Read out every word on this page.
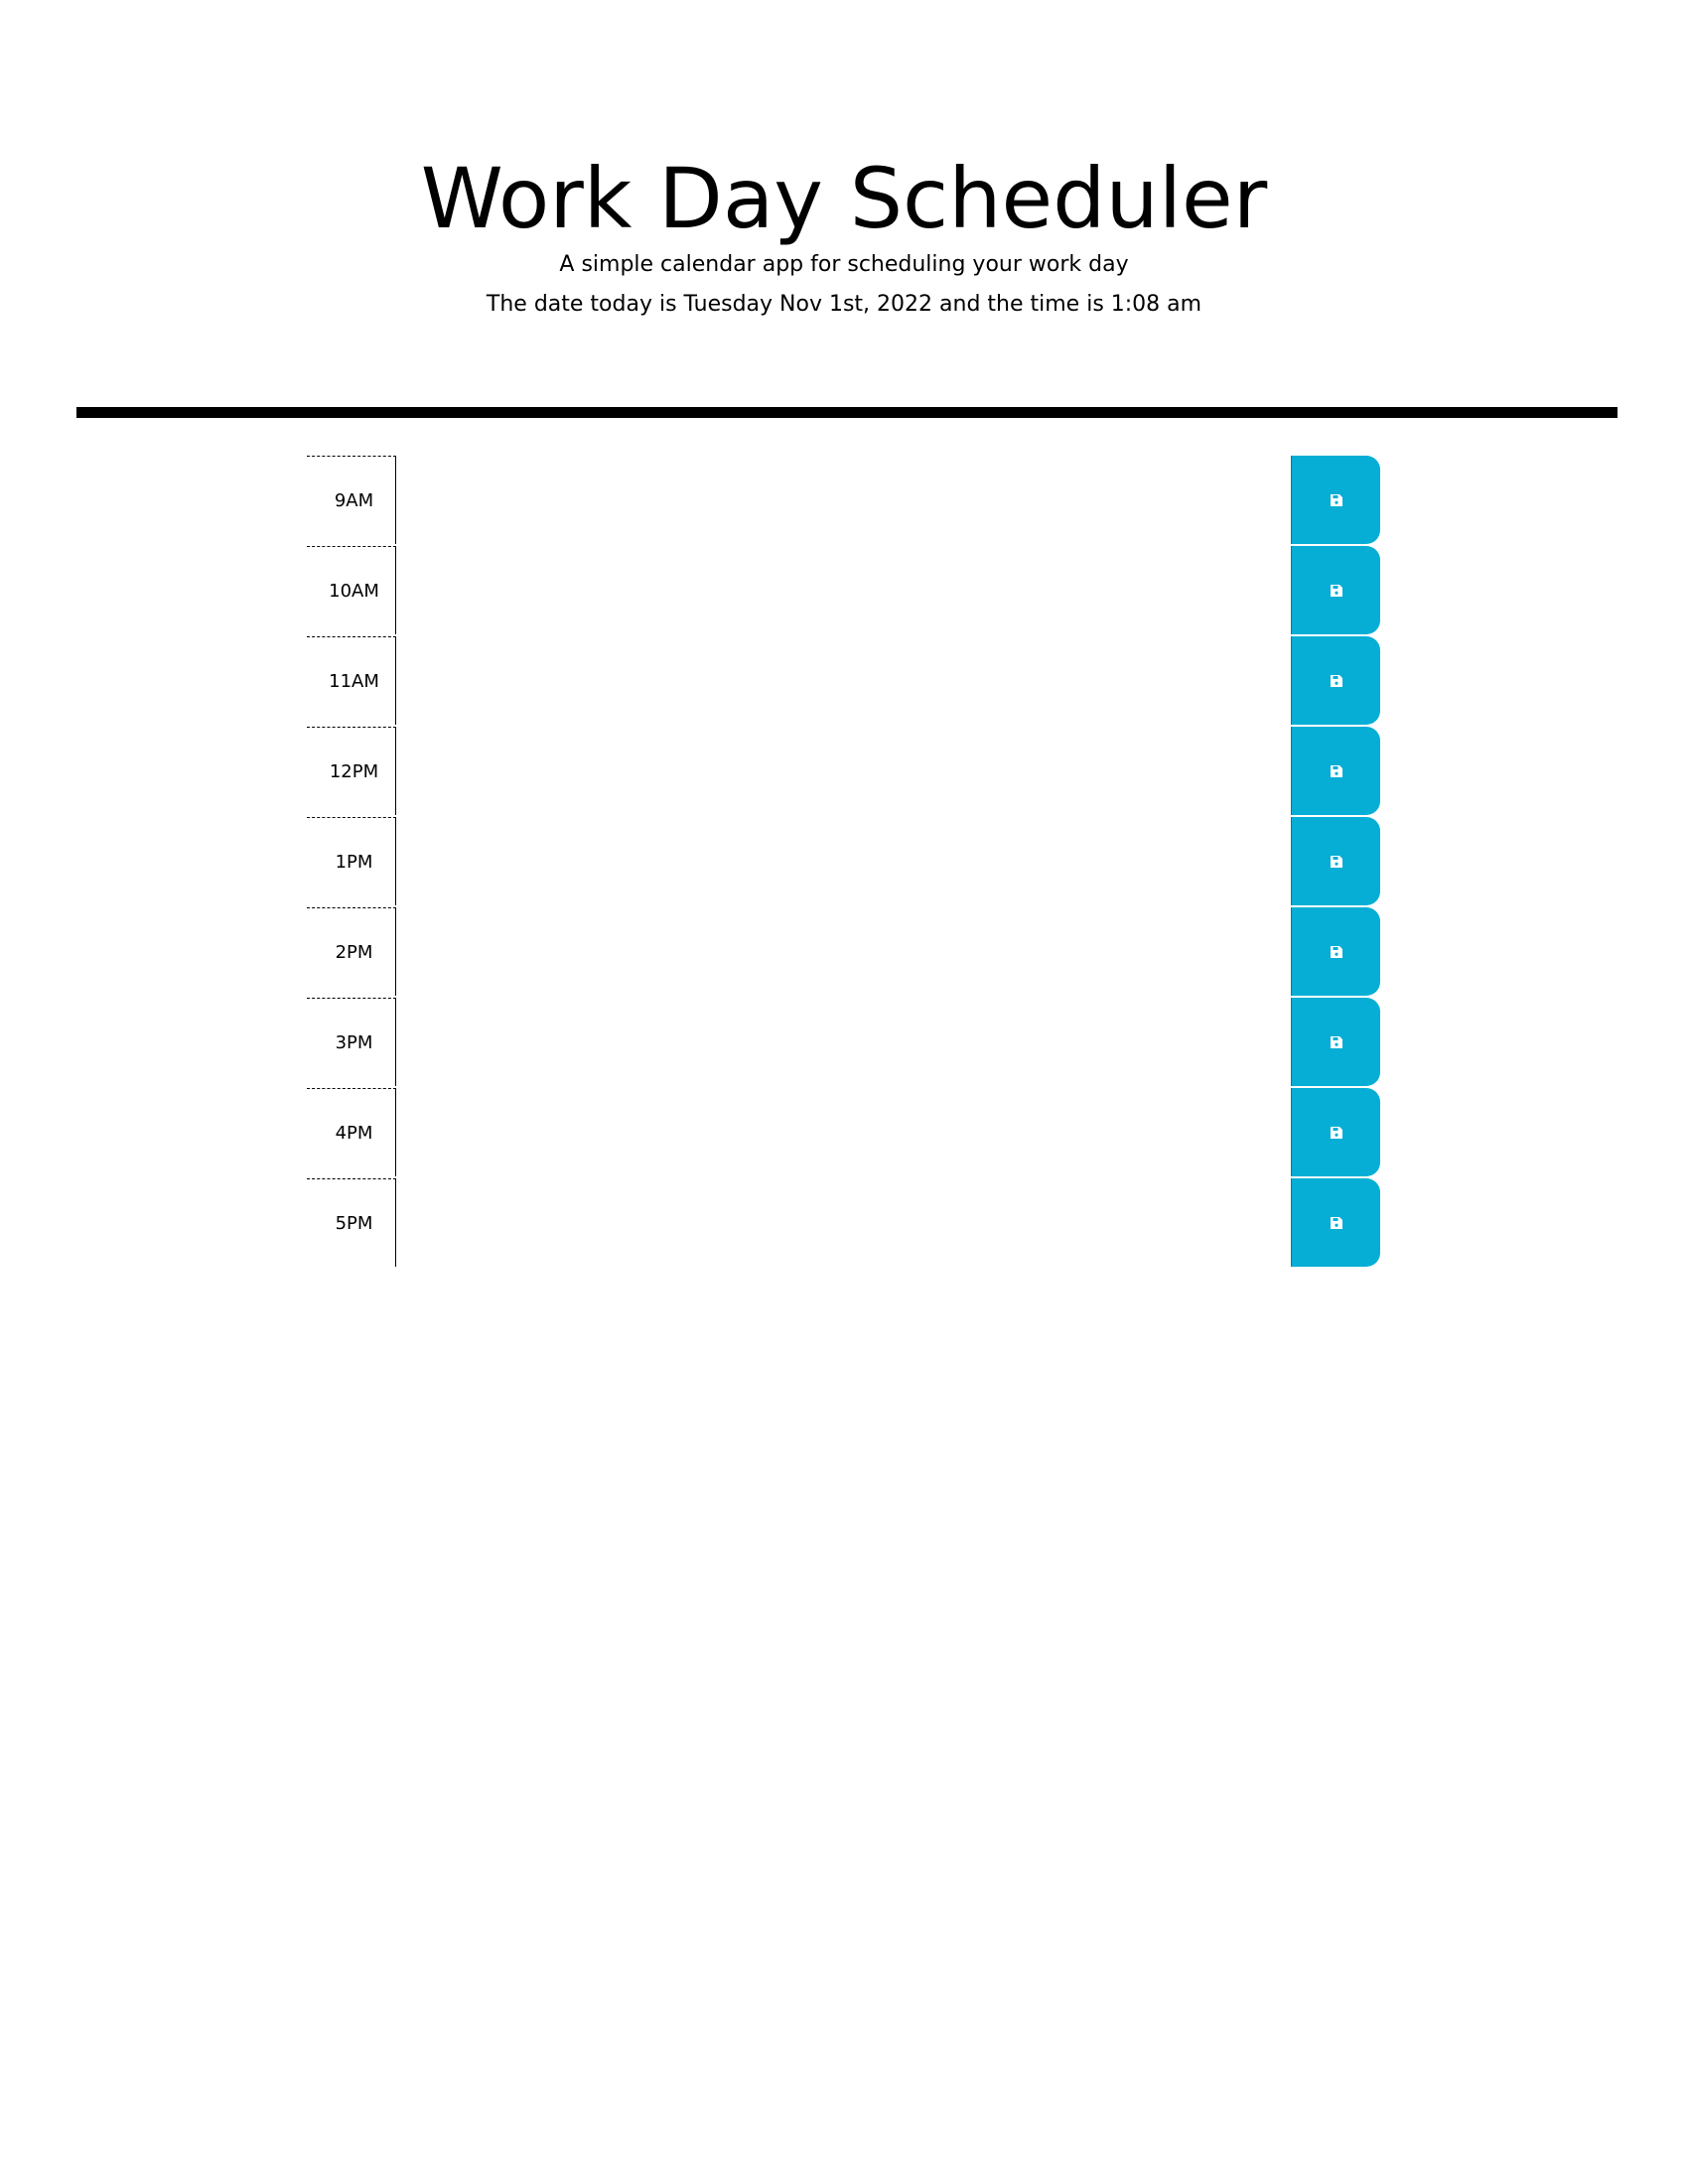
Work Day Scheduler

A simple calendar app for scheduling your work day

The date today is Tuesday Nov 1st, 2022 and the time is 1:08 am

9AM
10AM
11AM
12PM
1PM
2PM
3PM
4PM
5PM
